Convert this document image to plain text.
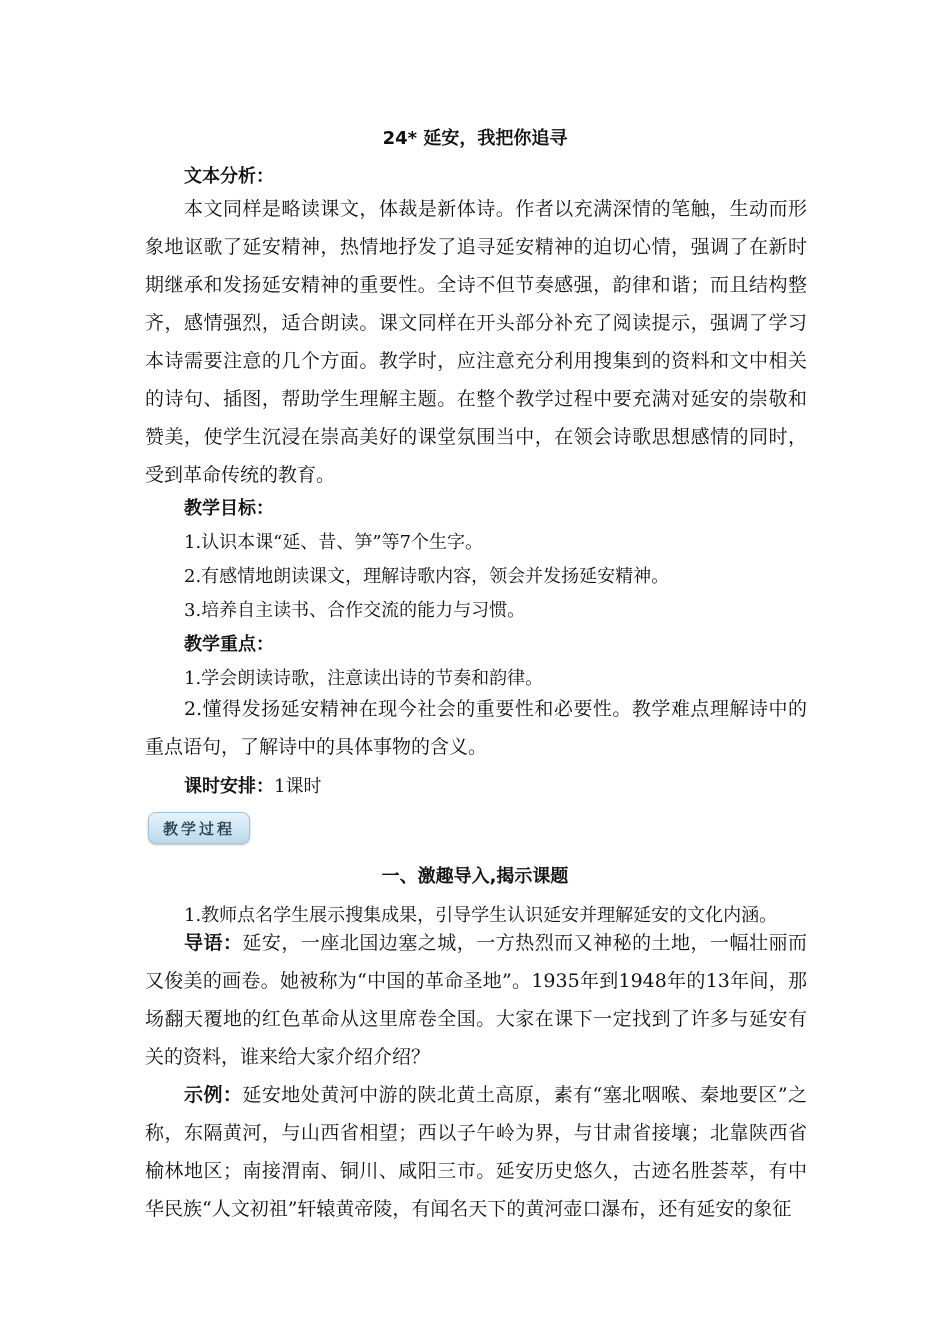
24* 延安，我把你追寻
文本分析：

本文同样是略读课文，体裁是新体诗。作者以充满深情的笔触，生动而形象地讴歌了延安精神，热情地抒发了追寻延安精神的迫切心情，强调了在新时期继承和发扬延安精神的重要性。全诗不但节奏感强，韵律和谐；而且结构整齐，感情强烈，适合朗读。课文同样在开头部分补充了阅读提示，强调了学习本诗需要注意的几个方面。教学时，应注意充分利用搜集到的资料和文中相关的诗句、插图，帮助学生理解主题。在整个教学过程中要充满对延安的崇敬和赞美，使学生沉浸在崇高美好的课堂氛围当中，在领会诗歌思想感情的同时，受到革命传统的教育。

教学目标：
1.认识本课“延、昔、笋”等7个生字。
2.有感情地朗读课文，理解诗歌内容，领会并发扬延安精神。
3.培养自主读书、合作交流的能力与习惯。
教学重点：
1.学会朗读诗歌，注意读出诗的节奏和韵律。

2.懂得发扬延安精神在现今社会的重要性和必要性。教学难点理解诗中的重点语句，了解诗中的具体事物的含义。

课时安排：1课时
教学过程
一、激趣导入,揭示课题
1.教师点名学生展示搜集成果，引导学生认识延安并理解延安的文化内涵。

导语：延安，一座北国边塞之城，一方热烈而又神秘的土地，一幅壮丽而又俊美的画卷。她被称为“中国的革命圣地”。1935年到1948年的13年间，那场翻天覆地的红色革命从这里席卷全国。大家在课下一定找到了许多与延安有关的资料，谁来给大家介绍介绍？

示例：延安地处黄河中游的陕北黄土高原，素有“塞北咽喉、秦地要区”之称，东隔黄河，与山西省相望；西以子午岭为界，与甘肃省接壤；北靠陕西省榆林地区；南接渭南、铜川、咸阳三市。延安历史悠久，古迹名胜荟萃，有中华民族“人文初祖”轩辕黄帝陵，有闻名天下的黄河壶口瀑布，还有延安的象征
